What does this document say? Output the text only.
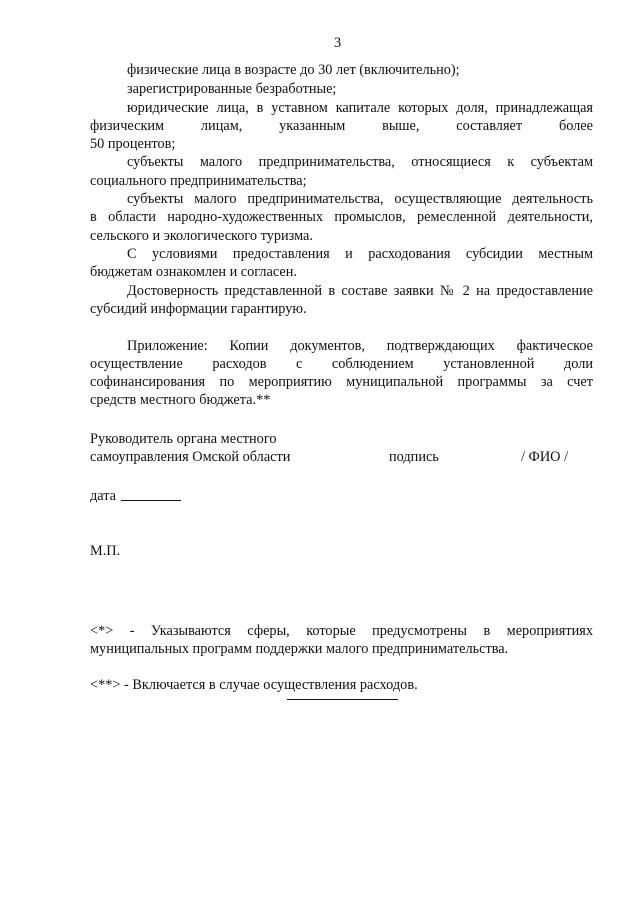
3
физические лица в возрасте до 30 лет (включительно);
зарегистрированные безработные;
юридические лица, в уставном капитале которых доля, принадлежащая
физическим лицам, указанным выше, составляет более
50 процентов;
субъекты малого предпринимательства, относящиеся к субъектам
социального предпринимательства;
субъекты малого предпринимательства, осуществляющие деятельность
в области народно-художественных промыслов, ремесленной деятельности,
сельского и экологического туризма.
С условиями предоставления и расходования субсидии местным
бюджетам ознакомлен и согласен.
Достоверность представленной в составе заявки № 2 на предоставление
субсидий информации гарантирую.
Приложение: Копии документов, подтверждающих фактическое
осуществление расходов с соблюдением установленной доли
софинансирования по мероприятию муниципальной программы за счет
средств местного бюджета.**
Руководитель органа местного
самоуправления Омской области	подпись	/ ФИО /
дата
М.П.
<*> - Указываются сферы, которые предусмотрены в мероприятиях
муниципальных программ поддержки малого предпринимательства.
<**> - Включается в случае осуществления расходов.
